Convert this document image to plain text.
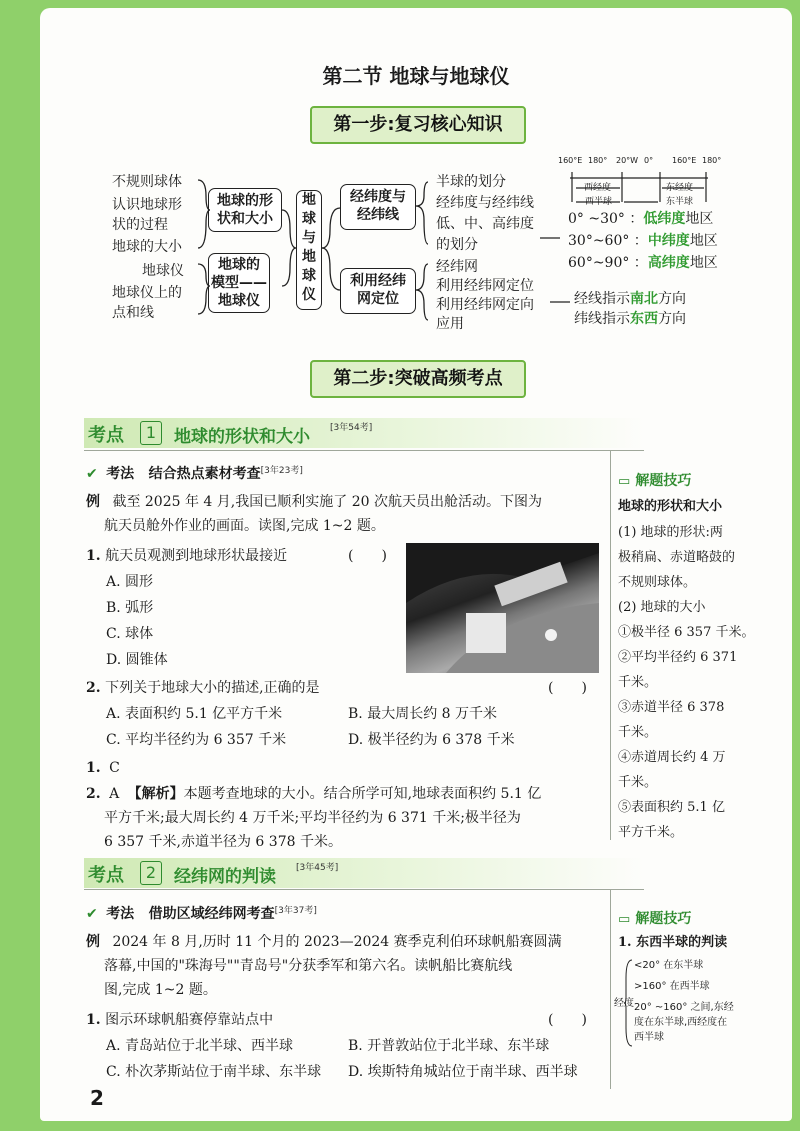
第二节 地球与地球仪
第一步:复习核心知识
不规则球体
认识地球形
状的过程
地球的大小
地球仪
地球仪上的
点和线
地球的形
状和大小
地球的
模型——
地球仪
地
球
与
地
球
仪
经纬度与
经纬线
利用经纬
网定位
半球的划分
经纬度与经纬线
低、中、高纬度
的划分
经纬网
利用经纬网定位
利用经纬网定向
应用
160°E 180° 20°W 0° 160°E 180°
西经度	东经度
西半球	东半球
0° ~30° ：低纬度地区
30°~60° ：中纬度地区
60°~90° ：高纬度地区
经线指示南北方向
纬线指示东西方向
第二步:突破高频考点
考点	1	地球的形状和大小 [3年54考]
✔ 考法 结合热点素材考查[3年23考]
例 截至 2025 年 4 月,我国已顺利实施了 20 次航天员出舱活动。下图为
航天员舱外作业的画面。读图,完成 1~2 题。
1. 航天员观测到地球形状最接近	(　　)
A. 圆形
B. 弧形
C. 球体
D. 圆锥体
2. 下列关于地球大小的描述,正确的是	(　　)
A. 表面积约 5.1 亿平方千米	B. 最大周长约 8 万千米
C. 平均半径约为 6 357 千米	D. 极半径约为 6 378 千米
1. C
2. A 【解析】本题考查地球的大小。结合所学可知,地球表面积约 5.1 亿
平方千米;最大周长约 4 万千米;平均半径约为 6 371 千米;极半径为
6 357 千米,赤道半径为 6 378 千米。
▭ 解题技巧
地球的形状和大小
(1) 地球的形状:两
极稍扁、赤道略鼓的
不规则球体。
(2) 地球的大小
①极半径 6 357 千米。
②平均半径约 6 371
千米。
③赤道半径 6 378
千米。
④赤道周长约 4 万
千米。
⑤表面积约 5.1 亿
平方千米。
考点	2	经纬网的判读 [3年45考]
✔ 考法 借助区域经纬网考查[3年37考]
例 2024 年 8 月,历时 11 个月的 2023—2024 赛季克利伯环球帆船赛圆满
落幕,中国的"珠海号""青岛号"分获季军和第六名。读帆船比赛航线
图,完成 1~2 题。
1. 图示环球帆船赛停靠站点中	(　　)
A. 青岛站位于北半球、西半球	B. 开普敦站位于北半球、东半球
C. 朴次茅斯站位于南半球、东半球 D. 埃斯特角城站位于南半球、西半球
▭ 解题技巧
1. 东西半球的判读
经度
<20° 在东半球
>160° 在西半球
20° ~160° 之间,东经
度在东半球,西经度在
西半球
2
